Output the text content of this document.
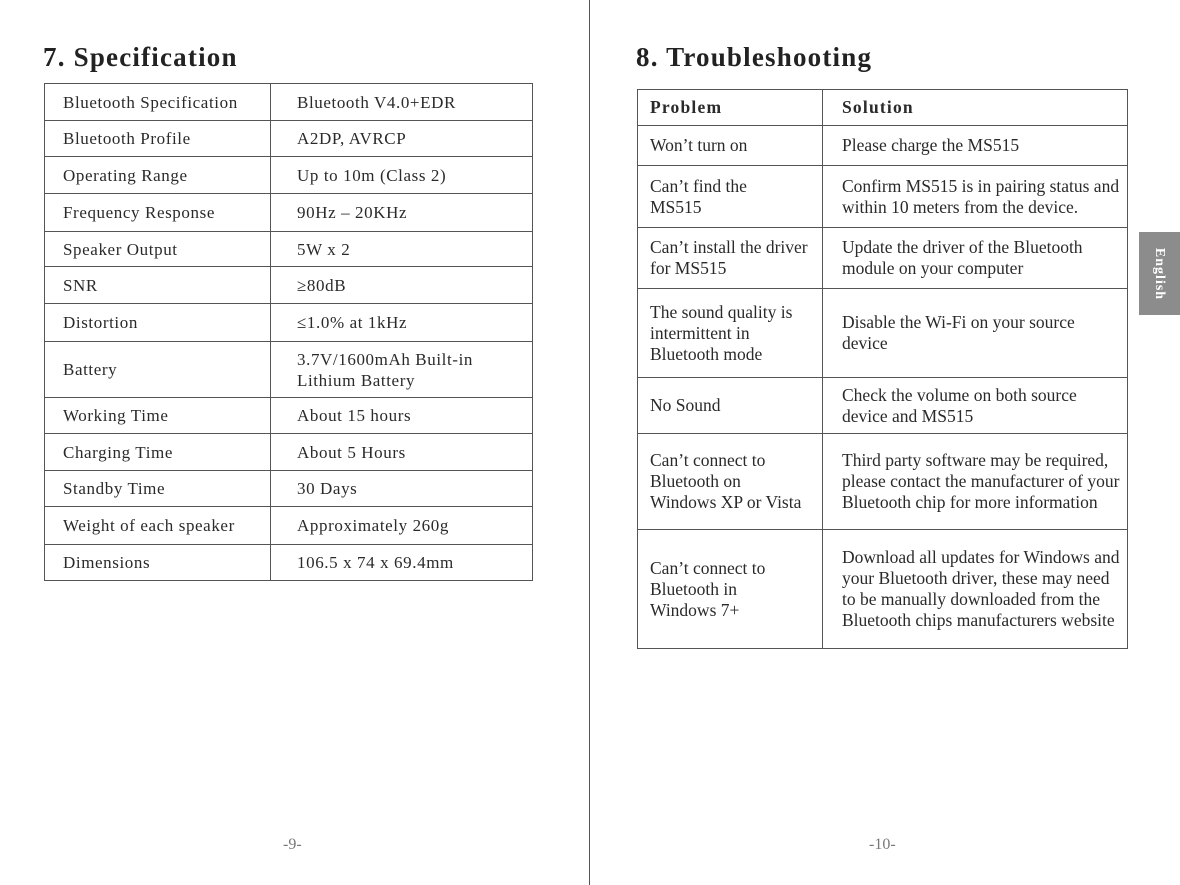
7. Specification
Bluetooth Specification	Bluetooth V4.0+EDR
Bluetooth Profile	A2DP, AVRCP
Operating Range	Up to 10m (Class 2)
Frequency Response	90Hz – 20KHz
Speaker Output	5W x 2
SNR	≥80dB
Distortion	≤1.0% at 1kHz
Battery	3.7V/1600mAh Built-in Lithium Battery
Working Time	About 15 hours
Charging Time	About 5 Hours
Standby Time	30 Days
Weight of each speaker	Approximately 260g
Dimensions	106.5 x 74 x 69.4mm
-9-
8. Troubleshooting
Problem	Solution
Won’t turn on	Please charge the MS515
Can’t find the MS515	Confirm MS515 is in pairing status and within 10 meters from the device.
Can’t install the driver for MS515	Update the driver of the Bluetooth module on your computer
The sound quality is intermittent in Bluetooth mode	Disable the Wi-Fi on your source device
No Sound	Check the volume on both source device and MS515
Can’t connect to Bluetooth on Windows XP or Vista	Third party software may be required, please contact the manufacturer of your Bluetooth chip for more information
Can’t connect to Bluetooth in Windows 7+	Download all updates for Windows and your Bluetooth driver, these may need to be manually downloaded from the Bluetooth chips manufacturers website
-10-
English
